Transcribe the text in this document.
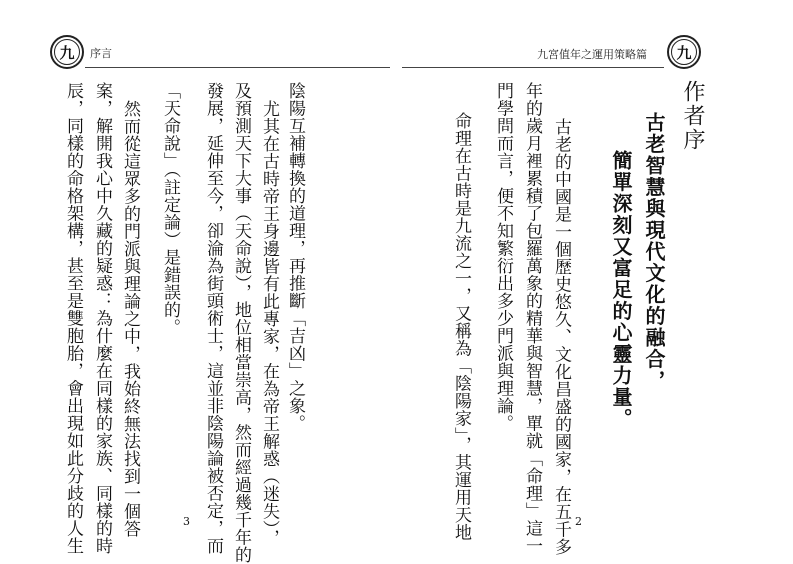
九 序言
陰陽互補轉換的道理，再推斷「吉凶」之象。
尤其在古時帝王身邊皆有此專家，在為帝王解惑（迷失），
及預測天下大事（天命說），地位相當崇高，然而經過幾千年的
發展，延伸至今，卻淪為街頭術士，這並非陰陽論被否定，而
「天命說」（註定論）是錯誤的。
然而從這眾多的門派與理論之中，我始終無法找到一個答
案，解開我心中久藏的疑惑：為什麼在同樣的家族、同樣的時
辰，同樣的命格架構，甚至是雙胞胎，會出現如此分歧的人生	3
九宮值年之運用策略篇 九
作者序
古老智慧與現代文化的融合，
簡單深刻又富足的心靈力量。
古老的中國是一個歷史悠久、文化昌盛的國家，在五千多
年的歲月裡累積了包羅萬象的精華與智慧，單就「命理」這一
門學問而言，便不知繁衍出多少門派與理論。
命理在古時是九流之一，又稱為「陰陽家」，其運用天地	2
